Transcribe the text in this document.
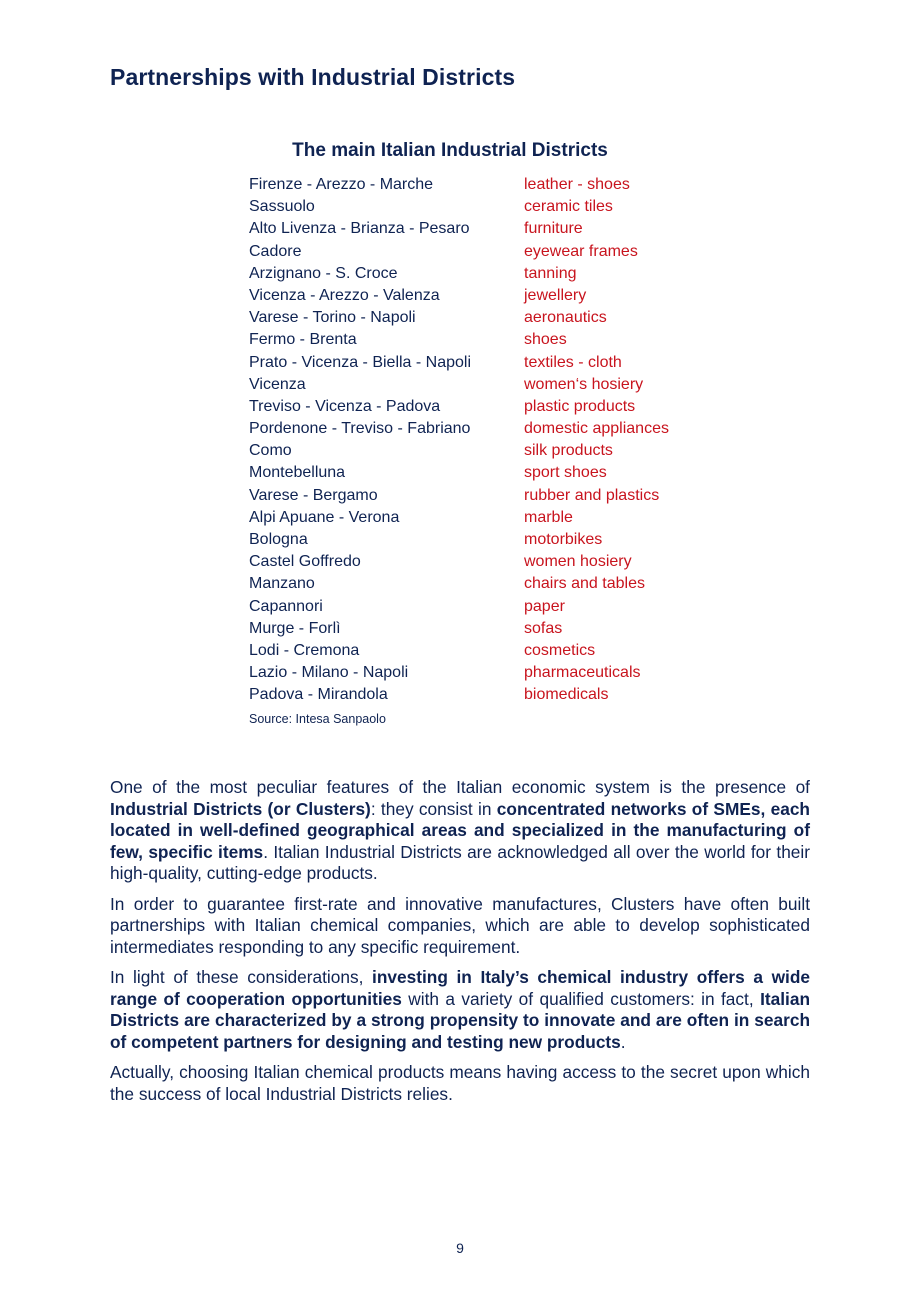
Partnerships with Industrial Districts
The main Italian Industrial Districts
Firenze - Arezzo - Marche	leather - shoes
Sassuolo	ceramic tiles
Alto Livenza - Brianza - Pesaro	furniture
Cadore	eyewear frames
Arzignano - S. Croce	tanning
Vicenza - Arezzo - Valenza	jewellery
Varese - Torino - Napoli	aeronautics
Fermo - Brenta	shoes
Prato - Vicenza - Biella - Napoli	textiles - cloth
Vicenza	women‘s hosiery
Treviso - Vicenza - Padova	plastic products
Pordenone - Treviso - Fabriano	domestic appliances
Como	silk products
Montebelluna	sport shoes
Varese - Bergamo	rubber and plastics
Alpi Apuane - Verona	marble
Bologna	motorbikes
Castel Goffredo	women hosiery
Manzano	chairs and tables
Capannori	paper
Murge - Forlì	sofas
Lodi - Cremona	cosmetics
Lazio - Milano - Napoli	pharmaceuticals
Padova - Mirandola	biomedicals
Source: Intesa Sanpaolo

One of the most peculiar features of the Italian economic system is the presence of Industrial Districts (or Clusters): they consist in concentrated networks of SMEs, each located in well-defined geographical areas and specialized in the manufacturing of few, specific items. Italian Industrial Districts are acknowledged all over the world for their high-quality, cutting-edge products.

In order to guarantee first-rate and innovative manufactures, Clusters have often built partnerships with Italian chemical companies, which are able to develop sophisticated intermediates responding to any specific requirement.

In light of these considerations, investing in Italy’s chemical industry offers a wide range of cooperation opportunities with a variety of qualified customers: in fact, Italian Districts are characterized by a strong propensity to innovate and are often in search of competent partners for designing and testing new products.

Actually, choosing Italian chemical products means having access to the secret upon which the success of local Industrial Districts relies.

9
